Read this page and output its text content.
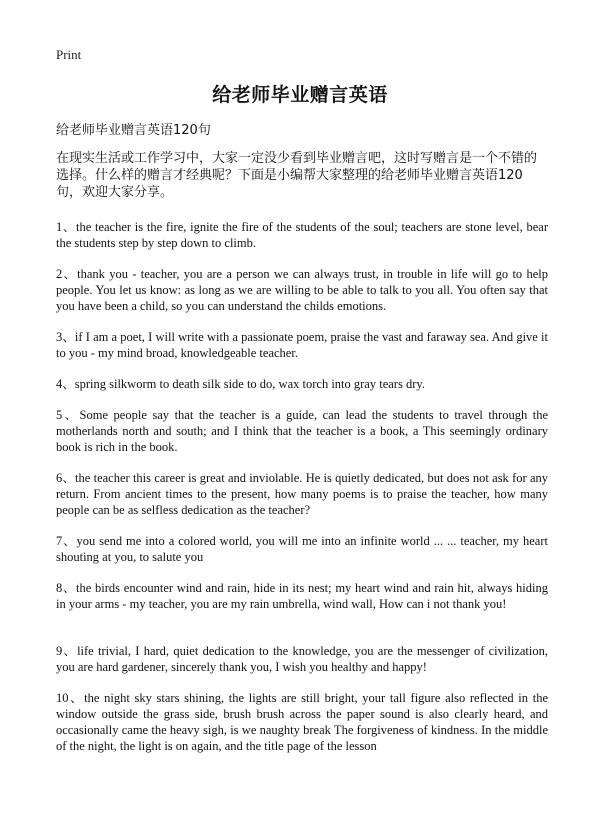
Print
给老师毕业赠言英语
给老师毕业赠言英语120句
在现实生活或工作学习中，大家一定没少看到毕业赠言吧，这时写赠言是一个不错的选择。什么样的赠言才经典呢？下面是小编帮大家整理的给老师毕业赠言英语120句，欢迎大家分享。
1、the teacher is the fire, ignite the fire of the students of the soul; teachers are stone level, bear the students step by step down to climb.
2、thank you - teacher, you are a person we can always trust, in trouble in life will go to help people. You let us know: as long as we are willing to be able to talk to you all. You often say that you have been a child, so you can understand the childs emotions.
3、if I am a poet, I will write with a passionate poem, praise the vast and faraway sea. And give it to you - my mind broad, knowledgeable teacher.
4、spring silkworm to death silk side to do, wax torch into gray tears dry.
5、Some people say that the teacher is a guide, can lead the students to travel through the motherlands north and south; and I think that the teacher is a book, a This seemingly ordinary book is rich in the book.
6、the teacher this career is great and inviolable. He is quietly dedicated, but does not ask for any return. From ancient times to the present, how many poems is to praise the teacher, how many people can be as selfless dedication as the teacher?
7、you send me into a colored world, you will me into an infinite world ... ... teacher, my heart shouting at you, to salute you
8、the birds encounter wind and rain, hide in its nest; my heart wind and rain hit, always hiding in your arms - my teacher, you are my rain umbrella, wind wall, How can i not thank you!
9、life trivial, I hard, quiet dedication to the knowledge, you are the messenger of civilization, you are hard gardener, sincerely thank you, I wish you healthy and happy!
10、the night sky stars shining, the lights are still bright, your tall figure also reflected in the window outside the grass side, brush brush across the paper sound is also clearly heard, and occasionally came the heavy sigh, is we naughty break The forgiveness of kindness. In the middle of the night, the light is on again, and the title page of the lesson
